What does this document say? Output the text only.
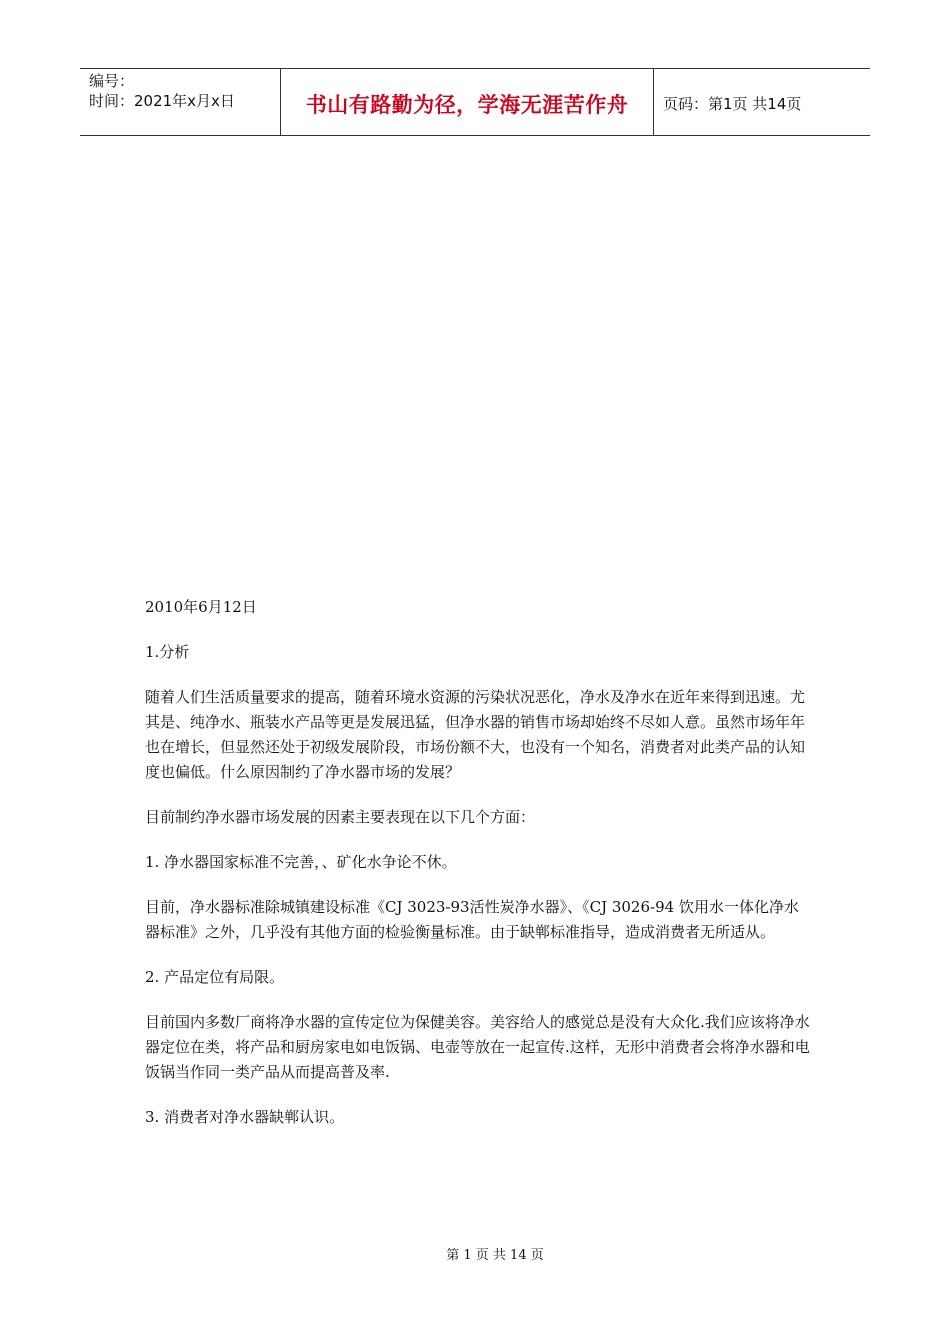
编号：
时间：2021年x月x日	书山有路勤为径，学海无涯苦作舟	页码：第1页 共14页

2010年6月12日

1.分析

随着人们生活质量要求的提高，随着环境水资源的污染状况恶化，净水及净水在近年来得到迅速。尤其是、纯净水、瓶装水产品等更是发展迅猛，但净水器的销售市场却始终不尽如人意。虽然市场年年也在增长，但显然还处于初级发展阶段，市场份额不大，也没有一个知名，消费者对此类产品的认知度也偏低。什么原因制约了净水器市场的发展？

目前制约净水器市场发展的因素主要表现在以下几个方面：

1. 净水器国家标准不完善，、矿化水争论不休。

目前，净水器标准除城镇建设标准《CJ 3023-93活性炭净水器》、《CJ 3026-94 饮用水一体化净水器标准》之外，几乎没有其他方面的检验衡量标准。由于缺郸标准指导，造成消费者无所适从。

2. 产品定位有局限。

目前国内多数厂商将净水器的宣传定位为保健美容。美容给人的感觉总是没有大众化.我们应该将净水器定位在类，将产品和厨房家电如电饭锅、电壶等放在一起宣传.这样，无形中消费者会将净水器和电饭锅当作同一类产品从而提高普及率.

3. 消费者对净水器缺郸认识。

第 1 页 共 14 页
